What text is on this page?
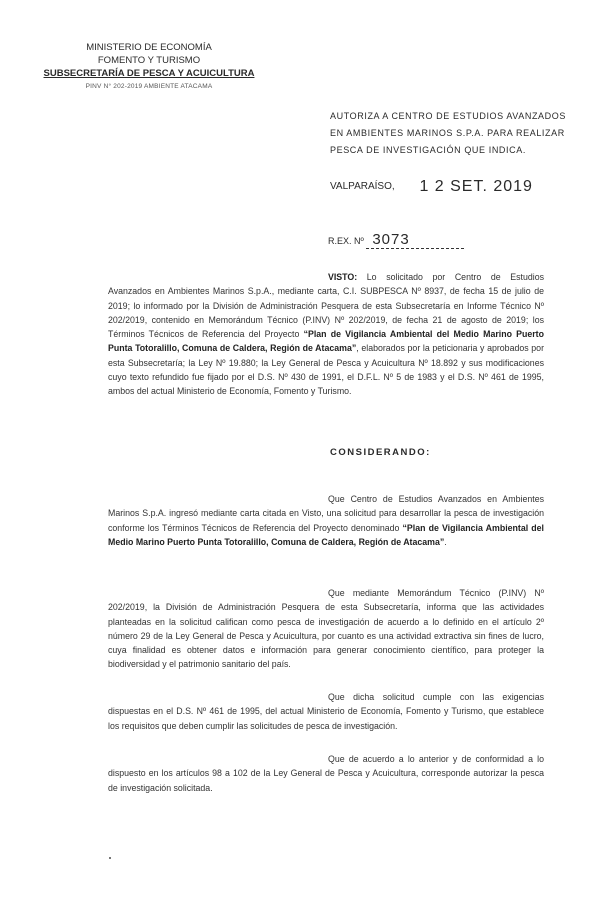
MINISTERIO DE ECONOMÍA
FOMENTO Y TURISMO
SUBSECRETARÍA DE PESCA Y ACUICULTURA
PINV N° 202-2019 AMBIENTE ATACAMA
AUTORIZA A CENTRO DE ESTUDIOS AVANZADOS EN AMBIENTES MARINOS S.P.A. PARA REALIZAR PESCA DE INVESTIGACIÓN QUE INDICA.
VALPARAÍSO, 1 2 SET. 2019
R.EX. Nº 3073
VISTO: Lo solicitado por Centro de Estudios Avanzados en Ambientes Marinos S.p.A., mediante carta, C.I. SUBPESCA Nº 8937, de fecha 15 de julio de 2019; lo informado por la División de Administración Pesquera de esta Subsecretaría en Informe Técnico Nº 202/2019, contenido en Memorándum Técnico (P.INV) Nº 202/2019, de fecha 21 de agosto de 2019; los Términos Técnicos de Referencia del Proyecto “Plan de Vigilancia Ambiental del Medio Marino Puerto Punta Totoralillo, Comuna de Caldera, Región de Atacama”, elaborados por la peticionaria y aprobados por esta Subsecretaría; la Ley Nº 19.880; la Ley General de Pesca y Acuicultura Nº 18.892 y sus modificaciones cuyo texto refundido fue fijado por el D.S. Nº 430 de 1991, el D.F.L. Nº 5 de 1983 y el D.S. Nº 461 de 1995, ambos del actual Ministerio de Economía, Fomento y Turismo.
CONSIDERANDO:
Que Centro de Estudios Avanzados en Ambientes Marinos S.p.A. ingresó mediante carta citada en Visto, una solicitud para desarrollar la pesca de investigación conforme los Términos Técnicos de Referencia del Proyecto denominado “Plan de Vigilancia Ambiental del Medio Marino Puerto Punta Totoralillo, Comuna de Caldera, Región de Atacama”.
Que mediante Memorándum Técnico (P.INV) Nº 202/2019, la División de Administración Pesquera de esta Subsecretaría, informa que las actividades planteadas en la solicitud califican como pesca de investigación de acuerdo a lo definido en el artículo 2º número 29 de la Ley General de Pesca y Acuicultura, por cuanto es una actividad extractiva sin fines de lucro, cuya finalidad es obtener datos e información para generar conocimiento científico, para proteger la biodiversidad y el patrimonio sanitario del país.
Que dicha solicitud cumple con las exigencias dispuestas en el D.S. Nº 461 de 1995, del actual Ministerio de Economía, Fomento y Turismo, que establece los requisitos que deben cumplir las solicitudes de pesca de investigación.
Que de acuerdo a lo anterior y de conformidad a lo dispuesto en los artículos 98 a 102 de la Ley General de Pesca y Acuicultura, corresponde autorizar la pesca de investigación solicitada.
